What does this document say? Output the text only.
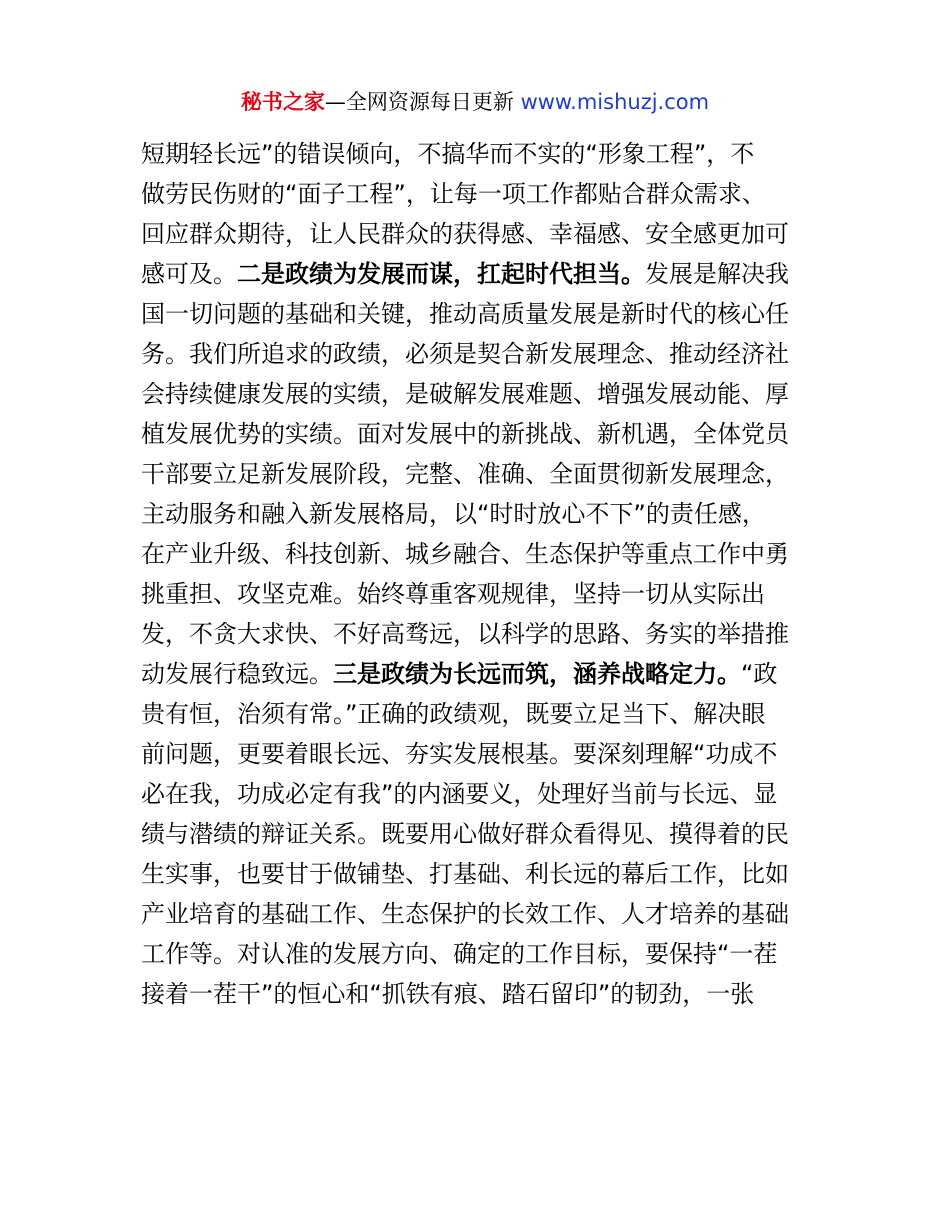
秘书之家—全网资源每日更新 www.mishuzj.com
短期轻长远”的错误倾向，不搞华而不实的“形象工程”，不
做劳民伤财的“面子工程”，让每一项工作都贴合群众需求、
回应群众期待，让人民群众的获得感、幸福感、安全感更加可
感可及。二是政绩为发展而谋，扛起时代担当。发展是解决我
国一切问题的基础和关键，推动高质量发展是新时代的核心任
务。我们所追求的政绩，必须是契合新发展理念、推动经济社
会持续健康发展的实绩，是破解发展难题、增强发展动能、厚
植发展优势的实绩。面对发展中的新挑战、新机遇，全体党员
干部要立足新发展阶段，完整、准确、全面贯彻新发展理念，
主动服务和融入新发展格局，以“时时放心不下”的责任感，
在产业升级、科技创新、城乡融合、生态保护等重点工作中勇
挑重担、攻坚克难。始终尊重客观规律，坚持一切从实际出
发，不贪大求快、不好高骛远，以科学的思路、务实的举措推
动发展行稳致远。三是政绩为长远而筑，涵养战略定力。“政
贵有恒，治须有常。”正确的政绩观，既要立足当下、解决眼
前问题，更要着眼长远、夯实发展根基。要深刻理解“功成不
必在我，功成必定有我”的内涵要义，处理好当前与长远、显
绩与潜绩的辩证关系。既要用心做好群众看得见、摸得着的民
生实事，也要甘于做铺垫、打基础、利长远的幕后工作，比如
产业培育的基础工作、生态保护的长效工作、人才培养的基础
工作等。对认准的发展方向、确定的工作目标，要保持“一茬
接着一茬干”的恒心和“抓铁有痕、踏石留印”的韧劲，一张
